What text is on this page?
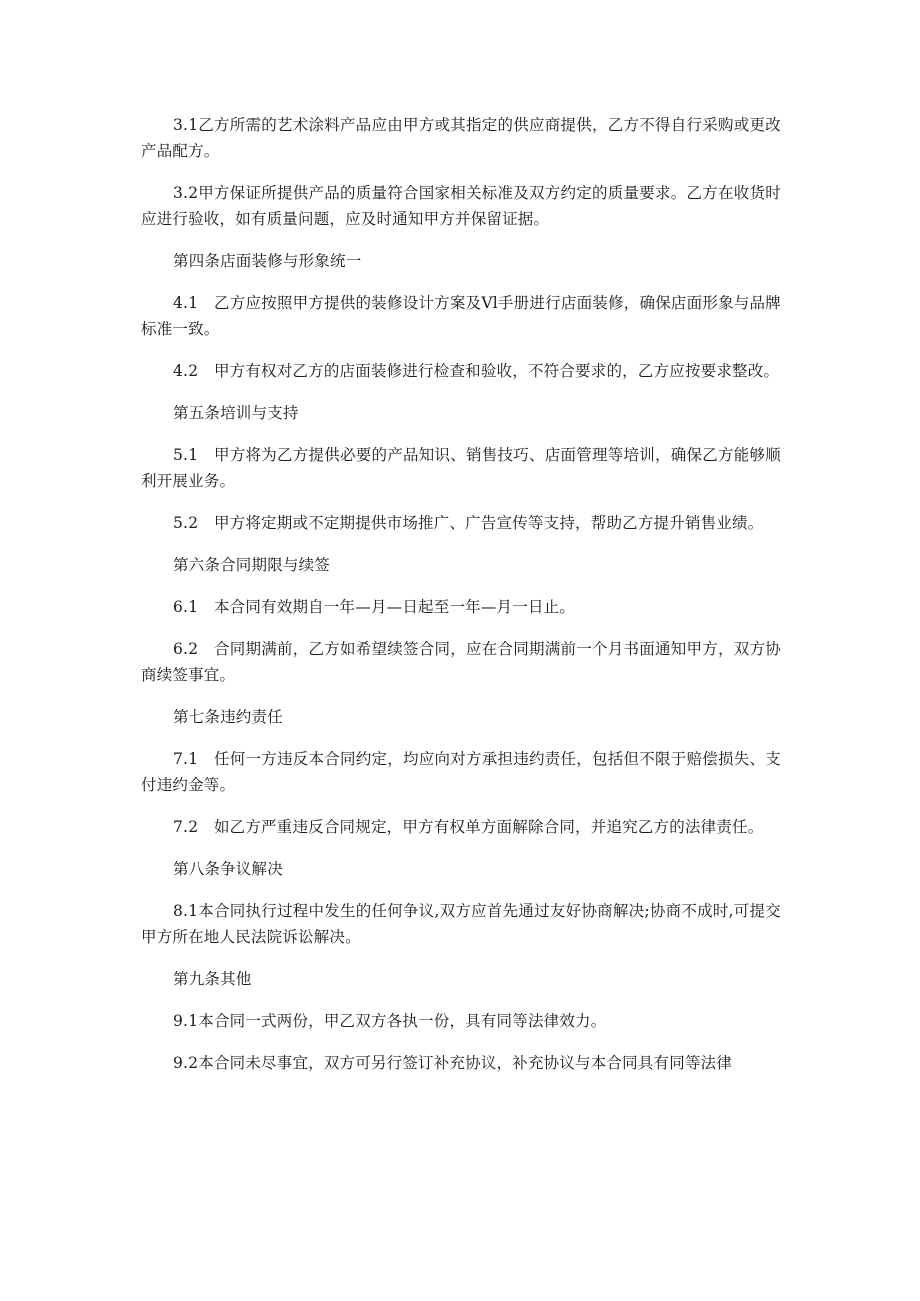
3.1乙方所需的艺术涂料产品应由甲方或其指定的供应商提供，乙方不得自行采购或更改产品配方。

3.2甲方保证所提供产品的质量符合国家相关标准及双方约定的质量要求。乙方在收货时应进行验收，如有质量问题，应及时通知甲方并保留证据。

第四条店面装修与形象统一

4.1　乙方应按照甲方提供的装修设计方案及Vl手册进行店面装修，确保店面形象与品牌标准一致。

4.2　甲方有权对乙方的店面装修进行检查和验收，不符合要求的，乙方应按要求整改。

第五条培训与支持

5.1　甲方将为乙方提供必要的产品知识、销售技巧、店面管理等培训，确保乙方能够顺利开展业务。

5.2　甲方将定期或不定期提供市场推广、广告宣传等支持，帮助乙方提升销售业绩。

第六条合同期限与续签

6.1　本合同有效期自一年—月—日起至一年—月一日止。

6.2　合同期满前，乙方如希望续签合同，应在合同期满前一个月书面通知甲方，双方协商续签事宜。

第七条违约责任

7.1　任何一方违反本合同约定，均应向对方承担违约责任，包括但不限于赔偿损失、支付违约金等。

7.2　如乙方严重违反合同规定，甲方有权单方面解除合同，并追究乙方的法律责任。

第八条争议解决

8.1本合同执行过程中发生的任何争议,双方应首先通过友好协商解决;协商不成时,可提交甲方所在地人民法院诉讼解决。

第九条其他

9.1本合同一式两份，甲乙双方各执一份，具有同等法律效力。

9.2本合同未尽事宜，双方可另行签订补充协议，补充协议与本合同具有同等法律
